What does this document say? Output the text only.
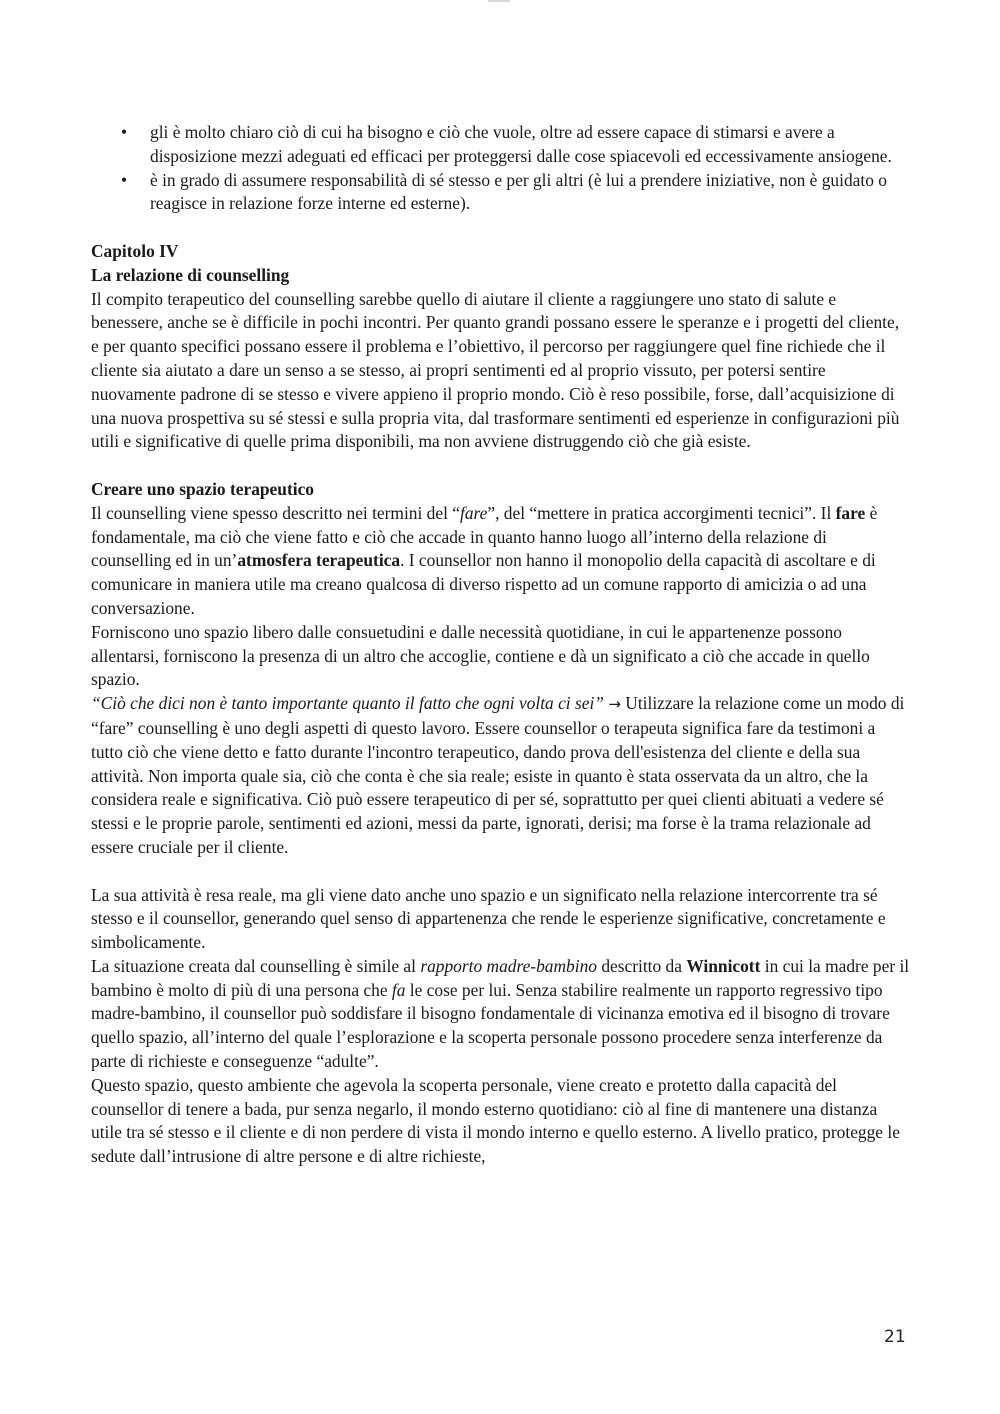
• gli è molto chiaro ciò di cui ha bisogno e ciò che vuole, oltre ad essere capace di stimarsi e avere a disposizione mezzi adeguati ed efficaci per proteggersi dalle cose spiacevoli ed eccessivamente ansiogene.
• è in grado di assumere responsabilità di sé stesso e per gli altri (è lui a prendere iniziative, non è guidato o reagisce in relazione forze interne ed esterne).

Capitolo IV

La relazione di counselling

Il compito terapeutico del counselling sarebbe quello di aiutare il cliente a raggiungere uno stato di salute e benessere, anche se è difficile in pochi incontri. Per quanto grandi possano essere le speranze e i progetti del cliente, e per quanto specifici possano essere il problema e l’obiettivo, il percorso per raggiungere quel fine richiede che il cliente sia aiutato a dare un senso a se stesso, ai propri sentimenti ed al proprio vissuto, per potersi sentire nuovamente padrone di se stesso e vivere appieno il proprio mondo. Ciò è reso possibile, forse, dall’acquisizione di una nuova prospettiva su sé stessi e sulla propria vita, dal trasformare sentimenti ed esperienze in configurazioni più utili e significative di quelle prima disponibili, ma non avviene distruggendo ciò che già esiste.

Creare uno spazio terapeutico

Il counselling viene spesso descritto nei termini del “fare”, del “mettere in pratica accorgimenti tecnici”. Il fare è fondamentale, ma ciò che viene fatto e ciò che accade in quanto hanno luogo all’interno della relazione di counselling ed in un’atmosfera terapeutica. I counsellor non hanno il monopolio della capacità di ascoltare e di comunicare in maniera utile ma creano qualcosa di diverso rispetto ad un comune rapporto di amicizia o ad una conversazione.

Forniscono uno spazio libero dalle consuetudini e dalle necessità quotidiane, in cui le appartenenze possono allentarsi, forniscono la presenza di un altro che accoglie, contiene e dà un significato a ciò che accade in quello spazio.

“Ciò che dici non è tanto importante quanto il fatto che ogni volta ci sei” → Utilizzare la relazione come un modo di “fare” counselling è uno degli aspetti di questo lavoro. Essere counsellor o terapeuta significa fare da testimoni a tutto ciò che viene detto e fatto durante l'incontro terapeutico, dando prova dell'esistenza del cliente e della sua attività. Non importa quale sia, ciò che conta è che sia reale; esiste in quanto è stata osservata da un altro, che la considera reale e significativa. Ciò può essere terapeutico di per sé, soprattutto per quei clienti abituati a vedere sé stessi e le proprie parole, sentimenti ed azioni, messi da parte, ignorati, derisi; ma forse è la trama relazionale ad essere cruciale per il cliente.

La sua attività è resa reale, ma gli viene dato anche uno spazio e un significato nella relazione intercorrente tra sé stesso e il counsellor, generando quel senso di appartenenza che rende le esperienze significative, concretamente e simbolicamente.

La situazione creata dal counselling è simile al rapporto madre-bambino descritto da Winnicott in cui la madre per il bambino è molto di più di una persona che fa le cose per lui. Senza stabilire realmente un rapporto regressivo tipo madre-bambino, il counsellor può soddisfare il bisogno fondamentale di vicinanza emotiva ed il bisogno di trovare quello spazio, all’interno del quale l’esplorazione e la scoperta personale possono procedere senza interferenze da parte di richieste e conseguenze “adulte”.

Questo spazio, questo ambiente che agevola la scoperta personale, viene creato e protetto dalla capacità del counsellor di tenere a bada, pur senza negarlo, il mondo esterno quotidiano: ciò al fine di mantenere una distanza utile tra sé stesso e il cliente e di non perdere di vista il mondo interno e quello esterno. A livello pratico, protegge le sedute dall’intrusione di altre persone e di altre richieste,

21
